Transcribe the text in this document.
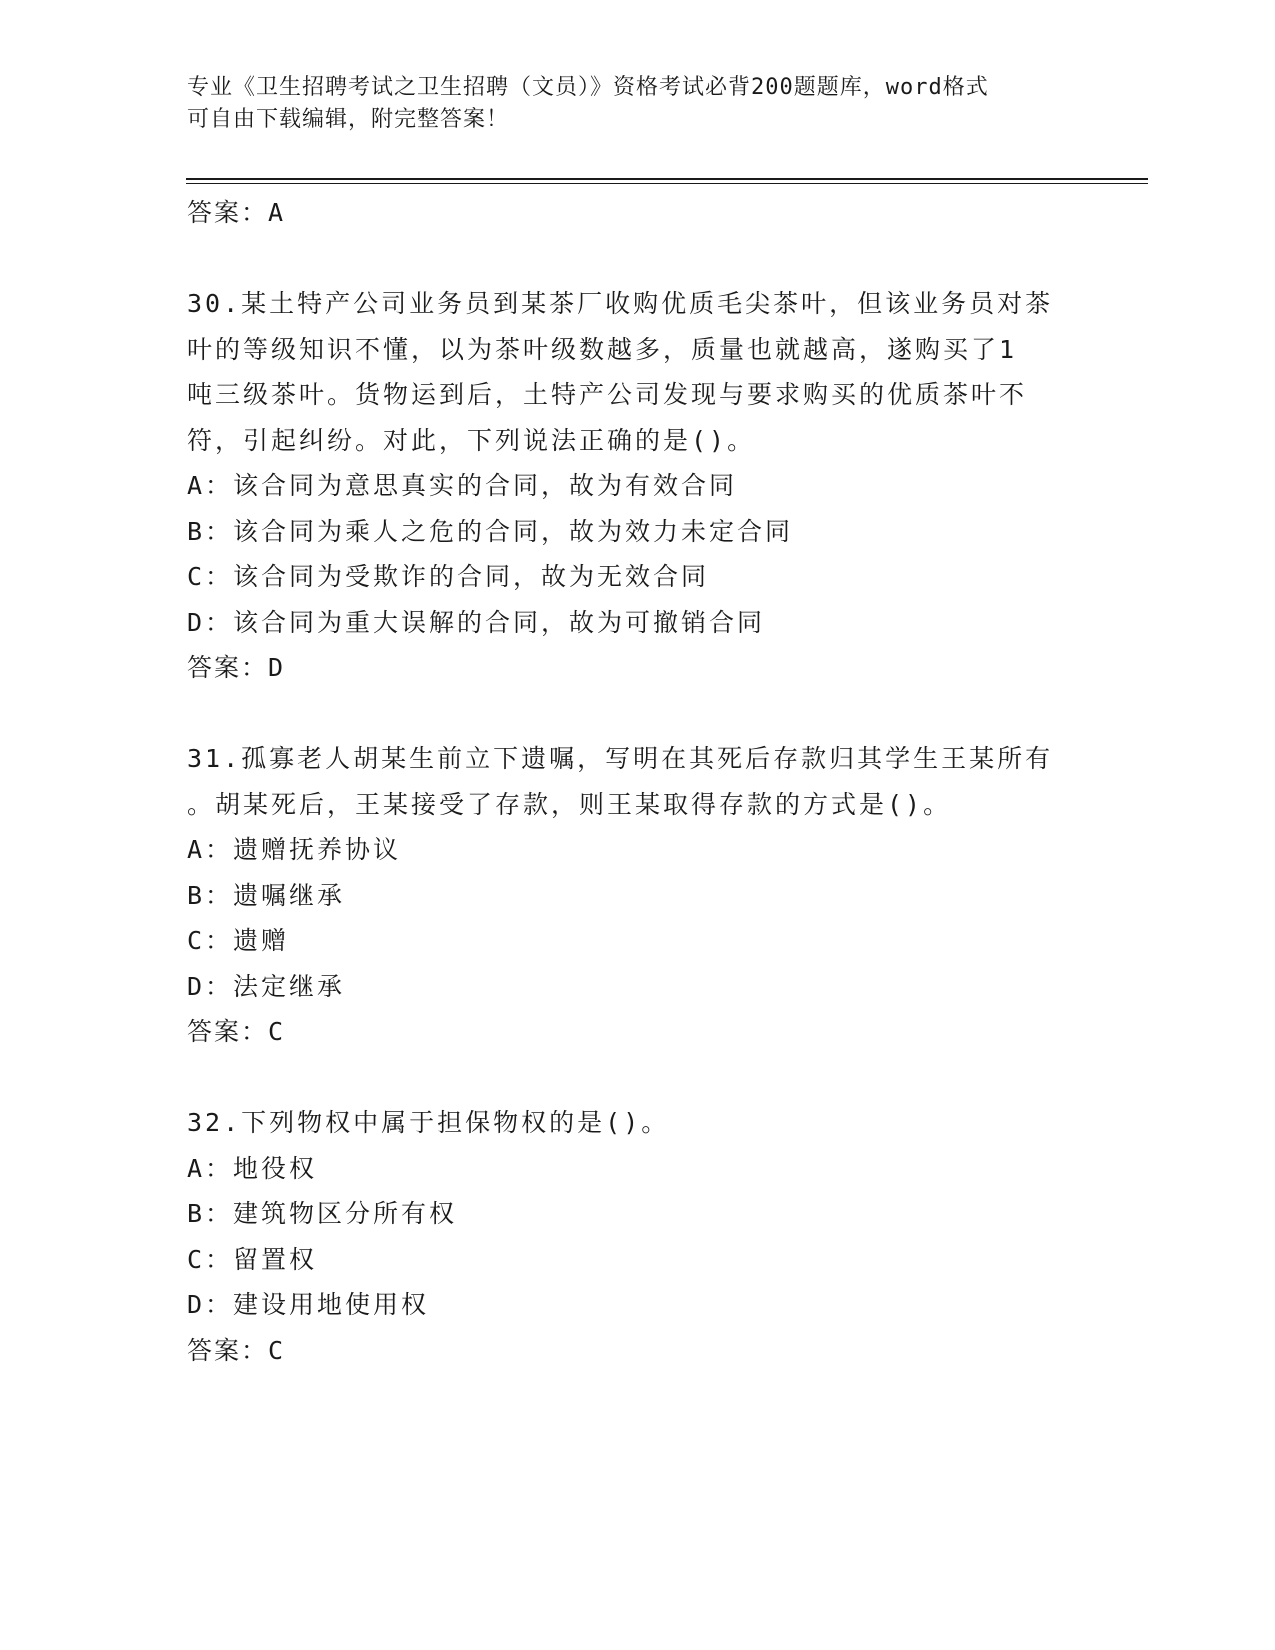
专业《卫生招聘考试之卫生招聘（文员）》资格考试必背200题题库，word格式
可自由下载编辑，附完整答案！
答案：A
30.某土特产公司业务员到某茶厂收购优质毛尖茶叶，但该业务员对茶
叶的等级知识不懂，以为茶叶级数越多，质量也就越高，遂购买了1
吨三级茶叶。货物运到后，土特产公司发现与要求购买的优质茶叶不
符，引起纠纷。对此，下列说法正确的是()。
A：该合同为意思真实的合同，故为有效合同
B：该合同为乘人之危的合同，故为效力未定合同
C：该合同为受欺诈的合同，故为无效合同
D：该合同为重大误解的合同，故为可撤销合同
答案：D
31.孤寡老人胡某生前立下遗嘱，写明在其死后存款归其学生王某所有
。胡某死后，王某接受了存款，则王某取得存款的方式是()。
A：遗赠抚养协议
B：遗嘱继承
C：遗赠
D：法定继承
答案：C
32.下列物权中属于担保物权的是()。
A：地役权
B：建筑物区分所有权
C：留置权
D：建设用地使用权
答案：C
